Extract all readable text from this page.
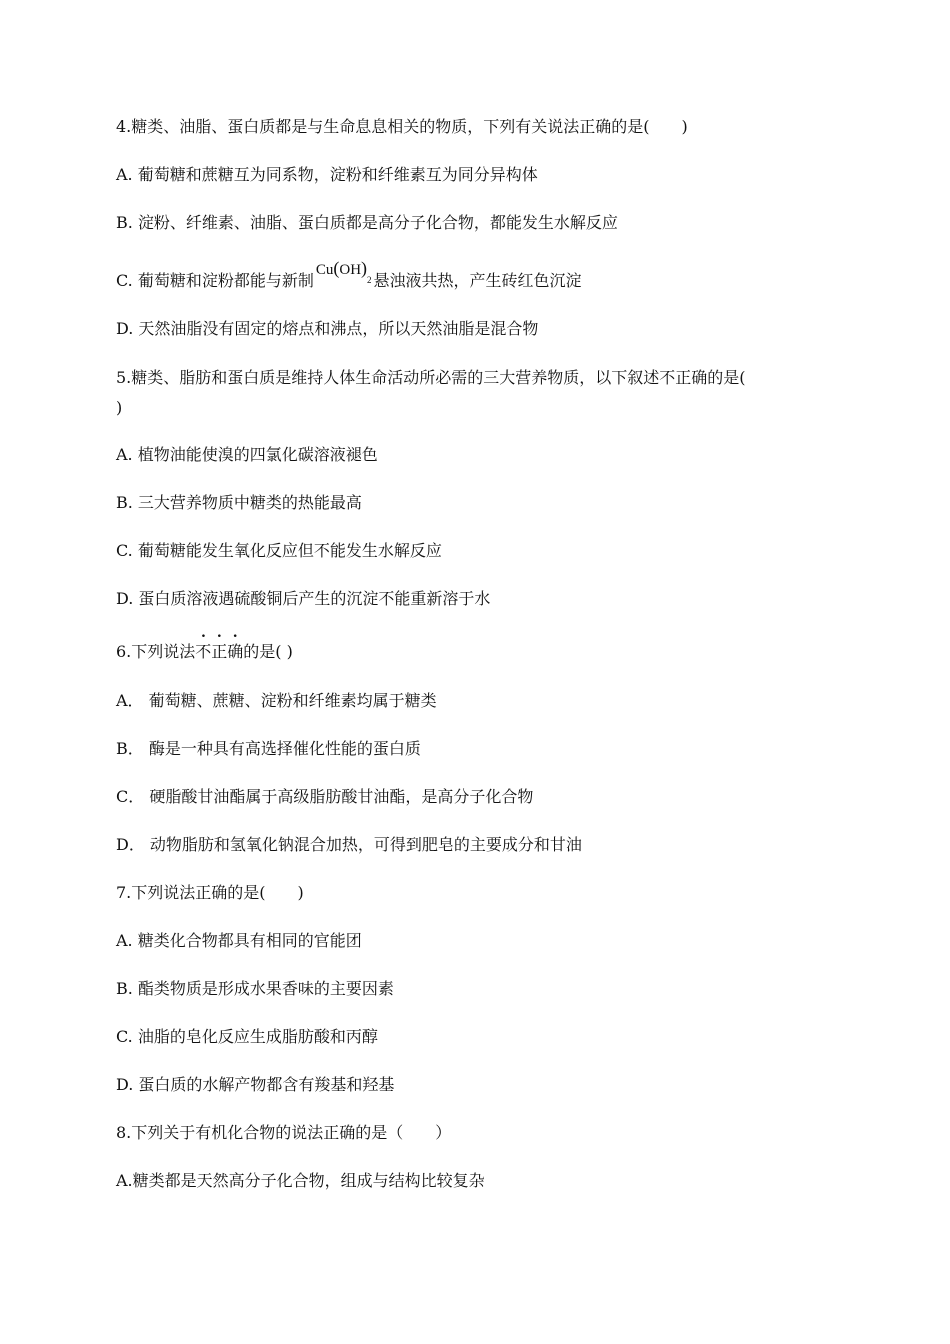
4.糖类、油脂、蛋白质都是与生命息息相关的物质，下列有关说法正确的是(　　)
A. 葡萄糖和蔗糖互为同系物，淀粉和纤维素互为同分异构体
B. 淀粉、纤维素、油脂、蛋白质都是高分子化合物，都能发生水解反应
C. 葡萄糖和淀粉都能与新制Cu(OH)$^2$ 悬浊液共热，产生砖红色沉淀
D. 天然油脂没有固定的熔点和沸点，所以天然油脂是混合物
5.糖类、脂肪和蛋白质是维持人体生命活动所必需的三大营养物质，以下叙述不正确的是(
)
A. 植物油能使溴的四氯化碳溶液褪色
B. 三大营养物质中糖类的热能最高
C. 葡萄糖能发生氧化反应但不能发生水解反应
D. 蛋白质溶液遇硫酸铜后产生的沉淀不能重新溶于水
...
6.下列说法不正确的是( )
A． 葡萄糖、蔗糖、淀粉和纤维素均属于糖类
B． 酶是一种具有高选择催化性能的蛋白质
C． 硬脂酸甘油酯属于高级脂肪酸甘油酯，是高分子化合物
D． 动物脂肪和氢氧化钠混合加热，可得到肥皂的主要成分和甘油
7.下列说法正确的是(　　)
A. 糖类化合物都具有相同的官能团
B. 酯类物质是形成水果香味的主要因素
C. 油脂的皂化反应生成脂肪酸和丙醇
D. 蛋白质的水解产物都含有羧基和羟基
8.下列关于有机化合物的说法正确的是（　　）
A.糖类都是天然高分子化合物，组成与结构比较复杂
